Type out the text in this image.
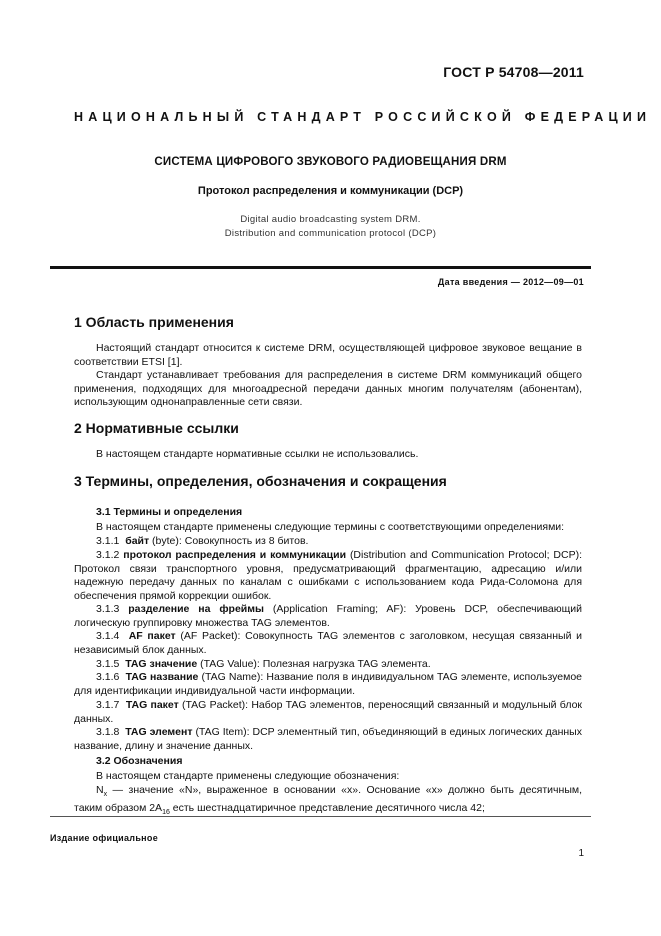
ГОСТ Р 54708—2011
НАЦИОНАЛЬНЫЙ СТАНДАРТ РОССИЙСКОЙ ФЕДЕРАЦИИ
СИСТЕМА ЦИФРОВОГО ЗВУКОВОГО РАДИОВЕЩАНИЯ DRM
Протокол распределения и коммуникации (DCP)
Digital audio broadcasting system DRM.
Distribution and communication protocol (DCP)
Дата введения — 2012—09—01
1 Область применения
Настоящий стандарт относится к системе DRM, осуществляющей цифровое звуковое вещание в соответствии ETSI [1].
Стандарт устанавливает требования для распределения в системе DRM коммуникаций общего применения, подходящих для многоадресной передачи данных многим получателям (абонентам), использующим однонаправленные сети связи.
2 Нормативные ссылки
В настоящем стандарте нормативные ссылки не использовались.
3 Термины, определения, обозначения и сокращения
3.1 Термины и определения
В настоящем стандарте применены следующие термины с соответствующими определениями:
3.1.1 байт (byte): Совокупность из 8 битов.
3.1.2 протокол распределения и коммуникации (Distribution and Communication Protocol; DCP): Протокол связи транспортного уровня, предусматривающий фрагментацию, адресацию и/или надежную передачу данных по каналам с ошибками с использованием кода Рида-Соломона для обеспечения прямой коррекции ошибок.
3.1.3 разделение на фреймы (Application Framing; AF): Уровень DCP, обеспечивающий логическую группировку множества TAG элементов.
3.1.4 AF пакет (AF Packet): Совокупность TAG элементов с заголовком, несущая связанный и независимый блок данных.
3.1.5 TAG значение (TAG Value): Полезная нагрузка TAG элемента.
3.1.6 TAG название (TAG Name): Название поля в индивидуальном TAG элементе, используемое для идентификации индивидуальной части информации.
3.1.7 TAG пакет (TAG Packet): Набор TAG элементов, переносящий связанный и модульный блок данных.
3.1.8 TAG элемент (TAG Item): DCP элементный тип, объединяющий в единых логических данных название, длину и значение данных.
3.2 Обозначения
В настоящем стандарте применены следующие обозначения:
$N_x$ — значение «N», выраженное в основании «x». Основание «x» должно быть десятичным, таким образом $2A_{16}$ есть шестнадцатиричное представление десятичного числа 42;
Издание официальное
1
